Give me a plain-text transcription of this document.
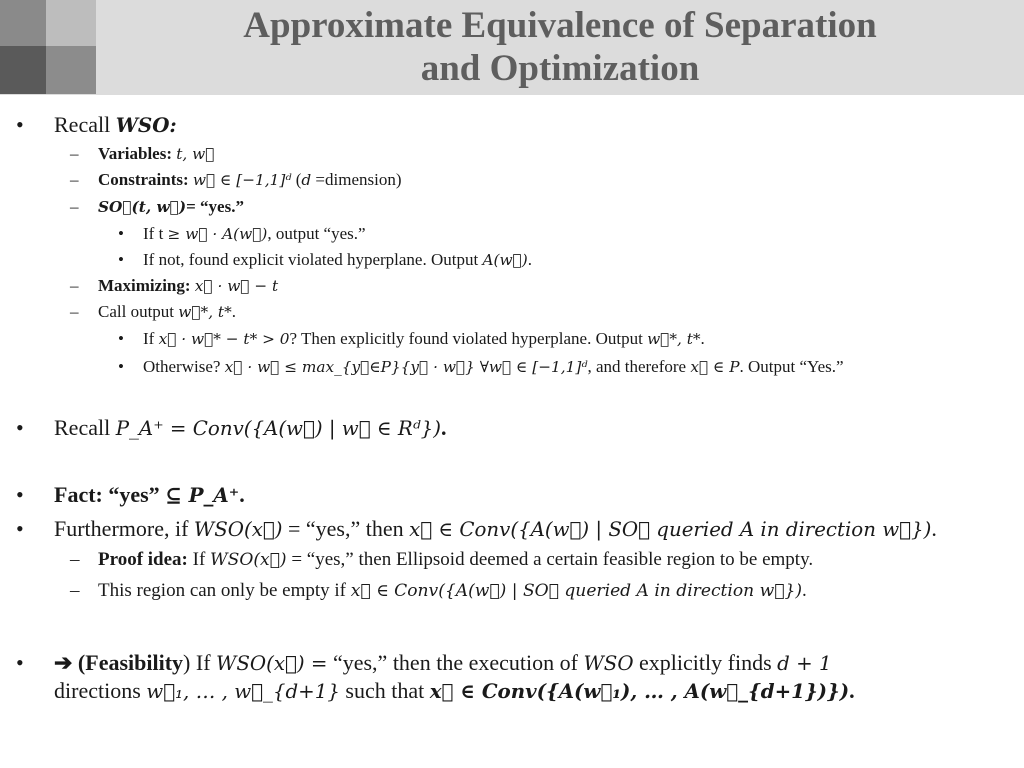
Approximate Equivalence of Separation
and Optimization
• Recall WSO:
– Variables: t, w⃗
– Constraints: w⃗ ∈ [−1,1]ᵈ (d =dimension)
– SO⃗(t, w⃗)= “yes.”
• If t ≥ w⃗ · A(w⃗), output “yes.”
• If not, found explicit violated hyperplane. Output A(w⃗).
– Maximizing: x⃗ · w⃗ − t
– Call output w⃗*, t*.
• If x⃗ · w⃗* − t* > 0? Then explicitly found violated hyperplane. Output w⃗*, t*.
• Otherwise? x⃗ · w⃗ ≤ max_{y⃗∈P}{y⃗ · w⃗} ∀w⃗ ∈ [−1,1]ᵈ, and therefore x⃗ ∈ P. Output “Yes.”
• Recall P_A⁺ = Conv({A(w⃗) | w⃗ ∈ Rᵈ}).
• Fact: “yes” ⊆ P_A⁺.
• Furthermore, if WSO(x⃗) = “yes,” then x⃗ ∈ Conv({A(w⃗) | SO⃗ queried A in direction w⃗}).
– Proof idea: If WSO(x⃗) = “yes,” then Ellipsoid deemed a certain feasible region to be empty.
– This region can only be empty if x⃗ ∈ Conv({A(w⃗) | SO⃗ queried A in direction w⃗}).
• ➔ (Feasibility) If WSO(x⃗) = “yes,” then the execution of WSO explicitly finds d + 1
directions w⃗₁, … , w⃗_{d+1} such that x⃗ ∈ Conv({A(w⃗₁), … , A(w⃗_{d+1})}).
